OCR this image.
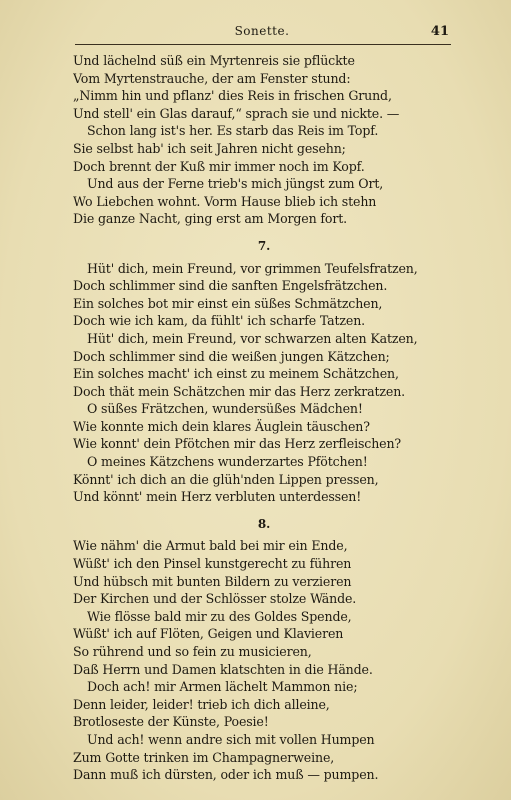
Sonette.	41
Und lächelnd süß ein Myrtenreis sie pflückte
Vom Myrtenstrauche, der am Fenster stund:
„Nimm hin und pflanz' dies Reis in frischen Grund,
Und stell' ein Glas darauf,“ sprach sie und nickte. —
Schon lang ist's her. Es starb das Reis im Topf.
Sie selbst hab' ich seit Jahren nicht gesehn;
Doch brennt der Kuß mir immer noch im Kopf.
Und aus der Ferne trieb's mich jüngst zum Ort,
Wo Liebchen wohnt. Vorm Hause blieb ich stehn
Die ganze Nacht, ging erst am Morgen fort.
7.
Hüt' dich, mein Freund, vor grimmen Teufelsfratzen,
Doch schlimmer sind die sanften Engelsfrätzchen.
Ein solches bot mir einst ein süßes Schmätzchen,
Doch wie ich kam, da fühlt' ich scharfe Tatzen.
Hüt' dich, mein Freund, vor schwarzen alten Katzen,
Doch schlimmer sind die weißen jungen Kätzchen;
Ein solches macht' ich einst zu meinem Schätzchen,
Doch thät mein Schätzchen mir das Herz zerkratzen.
O süßes Frätzchen, wundersüßes Mädchen!
Wie konnte mich dein klares Äuglein täuschen?
Wie konnt' dein Pfötchen mir das Herz zerfleischen?
O meines Kätzchens wunderzartes Pfötchen!
Könnt' ich dich an die glüh'nden Lippen pressen,
Und könnt' mein Herz verbluten unterdessen!
8.
Wie nähm' die Armut bald bei mir ein Ende,
Wüßt' ich den Pinsel kunstgerecht zu führen
Und hübsch mit bunten Bildern zu verzieren
Der Kirchen und der Schlösser stolze Wände.
Wie flösse bald mir zu des Goldes Spende,
Wüßt' ich auf Flöten, Geigen und Klavieren
So rührend und so fein zu musicieren,
Daß Herrn und Damen klatschten in die Hände.
Doch ach! mir Armen lächelt Mammon nie;
Denn leider, leider! trieb ich dich alleine,
Brotloseste der Künste, Poesie!
Und ach! wenn andre sich mit vollen Humpen
Zum Gotte trinken im Champagnerweine,
Dann muß ich dürsten, oder ich muß — pumpen.
